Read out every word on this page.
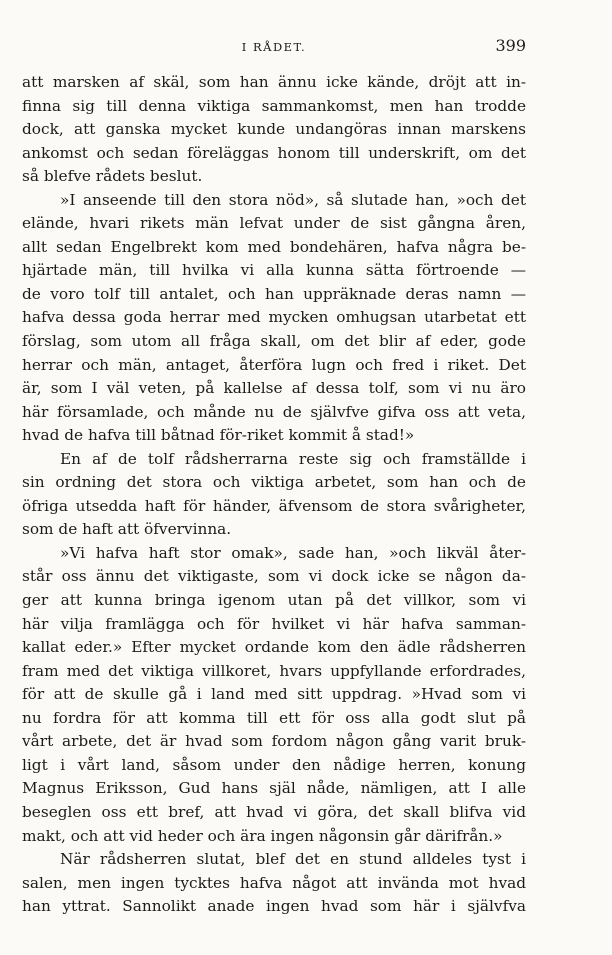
I RÅDET.	399
att marsken af skäl, som han ännu icke kände, dröjt att in-
finna sig till denna viktiga sammankomst, men han trodde
dock, att ganska mycket kunde undangöras innan marskens
ankomst och sedan föreläggas honom till underskrift, om det
så blefve rådets beslut.
»I anseende till den stora nöd», så slutade han, »och det
elände, hvari rikets män lefvat under de sist gångna åren,
allt sedan Engelbrekt kom med bondehären, hafva några be-
hjärtade män, till hvilka vi alla kunna sätta förtroende —
de voro tolf till antalet, och han uppräknade deras namn —
hafva dessa goda herrar med mycken omhugsan utarbetat ett
förslag, som utom all fråga skall, om det blir af eder, gode
herrar och män, antaget, återföra lugn och fred i riket. Det
är, som I väl veten, på kallelse af dessa tolf, som vi nu äro
här församlade, och månde nu de självfve gifva oss att veta,
hvad de hafva till båtnad för-riket kommit å stad!»
En af de tolf rådsherrarna reste sig och framställde i
sin ordning det stora och viktiga arbetet, som han och de
öfriga utsedda haft för händer, äfvensom de stora svårigheter,
som de haft att öfvervinna.
»Vi hafva haft stor omak», sade han, »och likväl åter-
står oss ännu det viktigaste, som vi dock icke se någon da-
ger att kunna bringa igenom utan på det villkor, som vi
här vilja framlägga och för hvilket vi här hafva samman-
kallat eder.» Efter mycket ordande kom den ädle rådsherren
fram med det viktiga villkoret, hvars uppfyllande erfordrades,
för att de skulle gå i land med sitt uppdrag. »Hvad som vi
nu fordra för att komma till ett för oss alla godt slut på
vårt arbete, det är hvad som fordom någon gång varit bruk-
ligt i vårt land, såsom under den nådige herren, konung
Magnus Eriksson, Gud hans själ nåde, nämligen, att I alle
beseglen oss ett bref, att hvad vi göra, det skall blifva vid
makt, och att vid heder och ära ingen någonsin går därifrån.»
När rådsherren slutat, blef det en stund alldeles tyst i
salen, men ingen tycktes hafva något att invända mot hvad
han yttrat. Sannolikt anade ingen hvad som här i självfva
